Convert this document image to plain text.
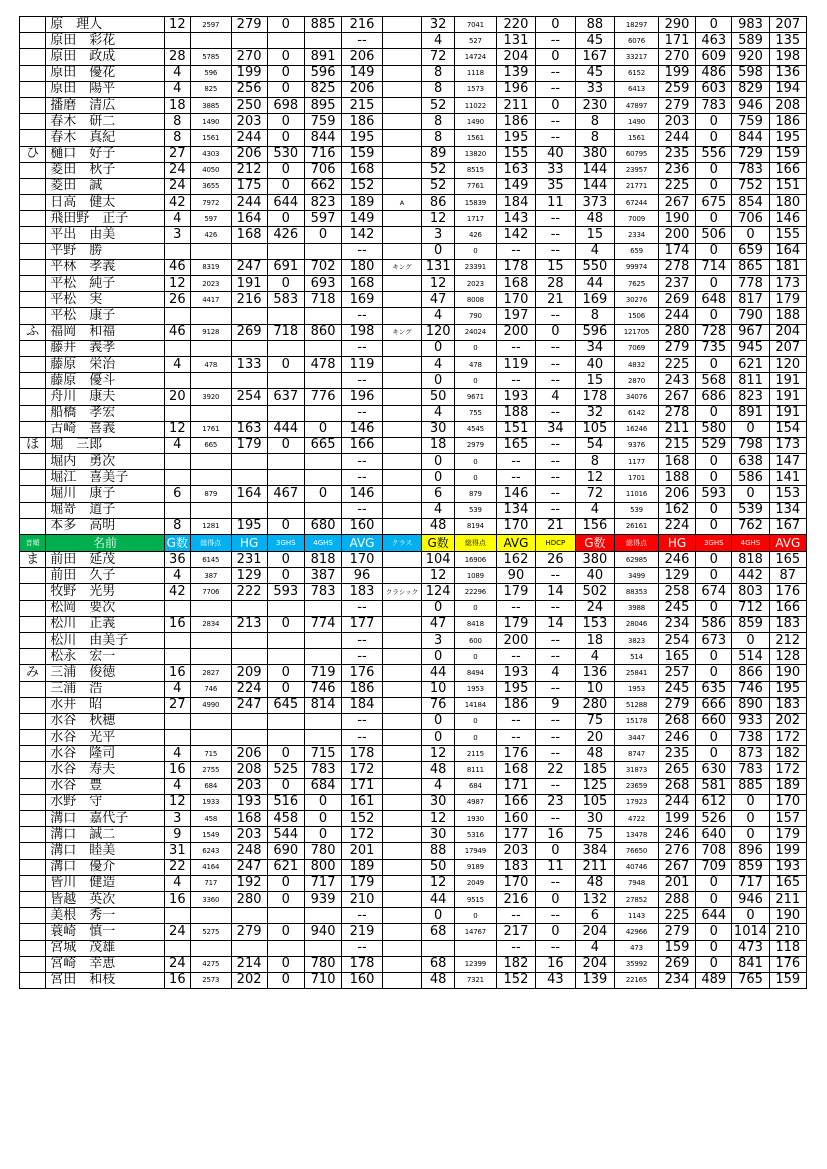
	原　理人	12	2597	279	0	885	216		32	7041	220	0	88	18297	290	0	983	207
	原田　彩花						--		4	527	131	--	45	6076	171	463	589	135
	原田　政成	28	5785	270	0	891	206		72	14724	204	0	167	33217	270	609	920	198
	原田　優花	4	596	199	0	596	149		8	1118	139	--	45	6152	199	486	598	136
	原田　陽平	4	825	256	0	825	206		8	1573	196	--	33	6413	259	603	829	194
	播磨　清広	18	3885	250	698	895	215		52	11022	211	0	230	47897	279	783	946	208
	春木　研二	8	1490	203	0	759	186		8	1490	186	--	8	1490	203	0	759	186
	春木　真紀	8	1561	244	0	844	195		8	1561	195	--	8	1561	244	0	844	195
ひ	樋口　好子	27	4303	206	530	716	159		89	13820	155	40	380	60795	235	556	729	159
	菱田　秋子	24	4050	212	0	706	168		52	8515	163	33	144	23957	236	0	783	166
	菱田　誠	24	3655	175	0	662	152		52	7761	149	35	144	21771	225	0	752	151
	日高　健太	42	7972	244	644	823	189	A	86	15839	184	11	373	67244	267	675	854	180
	飛田野　正子	4	597	164	0	597	149		12	1717	143	--	48	7009	190	0	706	146
	平出　由美	3	426	168	426	0	142		3	426	142	--	15	2334	200	506	0	155
	平野　勝						--		0	0	--	--	4	659	174	0	659	164
	平林　孝義	46	8319	247	691	702	180	キング	131	23391	178	15	550	99974	278	714	865	181
	平松　純子	12	2023	191	0	693	168		12	2023	168	28	44	7625	237	0	778	173
	平松　実	26	4417	216	583	718	169		47	8008	170	21	169	30276	269	648	817	179
	平松　康子						--		4	790	197	--	8	1506	244	0	790	188
ふ	福岡　和福	46	9128	269	718	860	198	キング	120	24024	200	0	596	121705	280	728	967	204
	藤井　義孝						--		0	0	--	--	34	7069	279	735	945	207
	藤原　栄治	4	478	133	0	478	119		4	478	119	--	40	4832	225	0	621	120
	藤原　優斗						--		0	0	--	--	15	2870	243	568	811	191
	舟川　康夫	20	3920	254	637	776	196		50	9671	193	4	178	34076	267	686	823	191
	船橋　孝宏						--		4	755	188	--	32	6142	278	0	891	191
	古崎　喜義	12	1761	163	444	0	146		30	4545	151	34	105	16246	211	580	0	154
ほ	堀　三郎	4	665	179	0	665	166		18	2979	165	--	54	9376	215	529	798	173
	堀内　勇次						--		0	0	--	--	8	1177	168	0	638	147
	堀江　喜美子						--		0	0	--	--	12	1701	188	0	586	141
	堀川　康子	6	879	164	467	0	146		6	879	146	--	72	11016	206	593	0	153
	堀嵜　道子						--		4	539	134	--	4	539	162	0	539	134
	本多　高明	8	1281	195	0	680	160		48	8194	170	21	156	26161	224	0	762	167
音順	名前	G数	総得点	HG	3GHS	4GHS	AVG	クラス	G数	総得点	AVG	HDCP	G数	総得点	HG	3GHS	4GHS	AVG
ま	前田　延茂	36	6145	231	0	818	170		104	16906	162	26	380	62985	246	0	818	165
	前田　久子	4	387	129	0	387	96		12	1089	90	--	40	3499	129	0	442	87
	牧野　光男	42	7706	222	593	783	183	クラシック	124	22296	179	14	502	88353	258	674	803	176
	松岡　要次						--		0	0	--	--	24	3988	245	0	712	166
	松川　正義	16	2834	213	0	774	177		47	8418	179	14	153	28046	234	586	859	183
	松川　由美子						--		3	600	200	--	18	3823	254	673	0	212
	松永　宏一						--		0	0	--	--	4	514	165	0	514	128
み	三浦　俊徳	16	2827	209	0	719	176		44	8494	193	4	136	25841	257	0	866	190
	三浦　浩	4	746	224	0	746	186		10	1953	195	--	10	1953	245	635	746	195
	水井　昭	27	4990	247	645	814	184		76	14184	186	9	280	51288	279	666	890	183
	水谷　秋穂						--		0	0	--	--	75	15178	268	660	933	202
	水谷　光平						--		0	0	--	--	20	3447	246	0	738	172
	水谷　隆司	4	715	206	0	715	178		12	2115	176	--	48	8747	235	0	873	182
	水谷　寿夫	16	2755	208	525	783	172		48	8111	168	22	185	31873	265	630	783	172
	水谷　豊	4	684	203	0	684	171		4	684	171	--	125	23659	268	581	885	189
	水野　守	12	1933	193	516	0	161		30	4987	166	23	105	17923	244	612	0	170
	溝口　嘉代子	3	458	168	458	0	152		12	1930	160	--	30	4722	199	526	0	157
	溝口　誠二	9	1549	203	544	0	172		30	5316	177	16	75	13478	246	640	0	179
	溝口　睦美	31	6243	248	690	780	201		88	17949	203	0	384	76650	276	708	896	199
	溝口　優介	22	4164	247	621	800	189		50	9189	183	11	211	40746	267	709	859	193
	皆川　健造	4	717	192	0	717	179		12	2049	170	--	48	7948	201	0	717	165
	皆越　英次	16	3360	280	0	939	210		44	9515	216	0	132	27852	288	0	946	211
	美根　秀一						--		0	0	--	--	6	1143	225	644	0	190
	蓑崎　慎一	24	5275	279	0	940	219		68	14767	217	0	204	42966	279	0	1014	210
	宮城　茂雄						--				--	--	4	473	159	0	473	118
	宮崎　幸恵	24	4275	214	0	780	178		68	12399	182	16	204	35992	269	0	841	176
	宮田　和枝	16	2573	202	0	710	160		48	7321	152	43	139	22165	234	489	765	159
